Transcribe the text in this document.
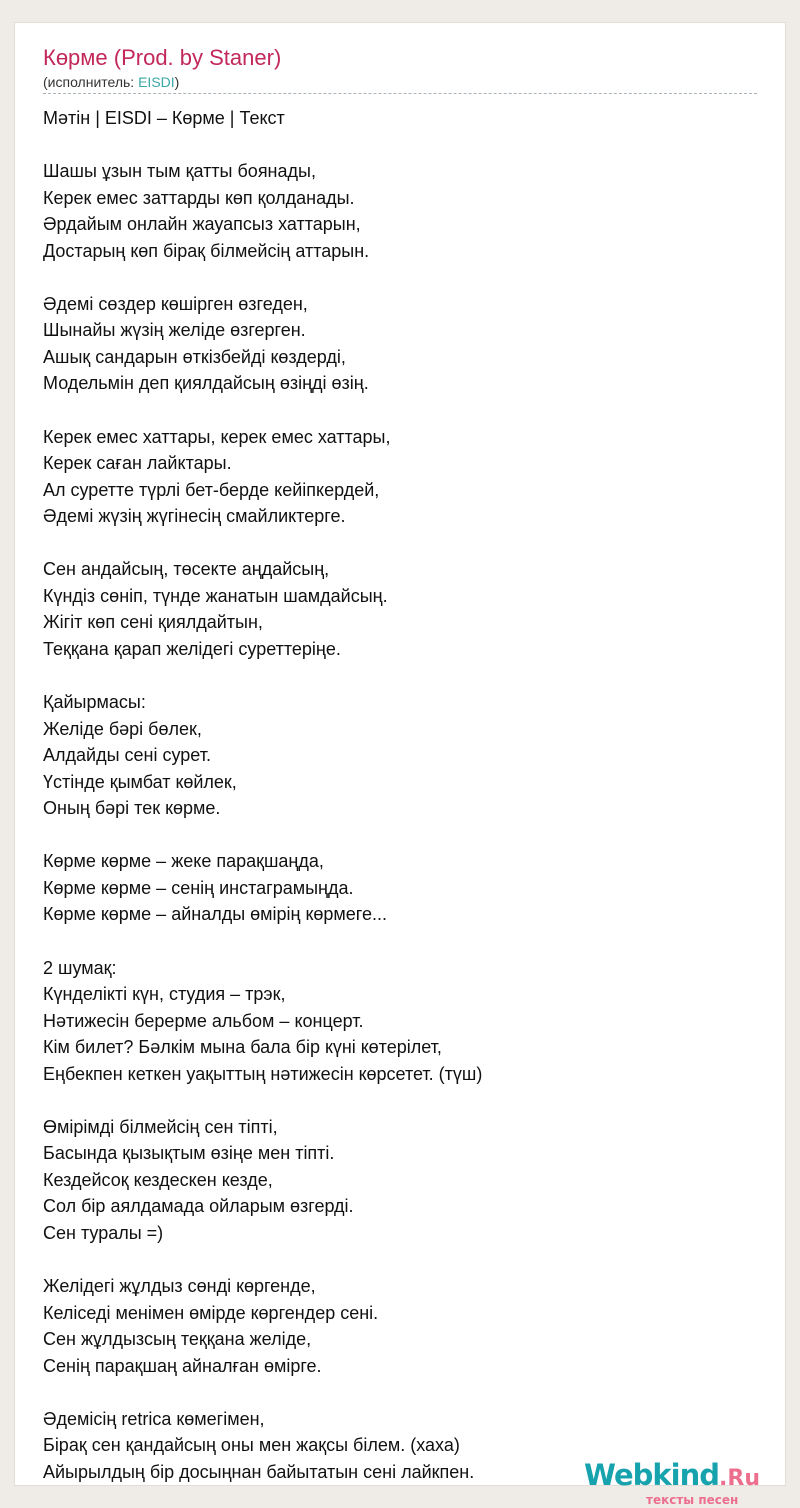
Көрме (Prod. by Staner)
(исполнитель: EISDI)
Мәтін | EISDI – Көрме | Текст
Шашы ұзын тым қатты боянады,
Керек емес заттарды көп қолданады.
Әрдайым онлайн жауапсыз хаттарын,
Достарың көп бірақ білмейсің аттарын.
Әдемі сөздер көшірген өзгеден,
Шынайы жүзің желіде өзгерген.
Ашық сандарын өткізбейді көздерді,
Модельмін деп қиялдайсың өзіңді өзің.
Керек емес хаттары, керек емес хаттары,
Керек саған лайктары.
Ал суретте түрлі бет-берде кейіпкердей,
Әдемі жүзің жүгінесің смайликтерге.
Сен андайсың, төсекте аңдайсың,
Күндіз сөніп, түнде жанатын шамдайсың.
Жігіт көп сені қиялдайтын,
Теққана қарап желідегі суреттеріңе.
Қайырмасы:
Желіде бәрі бөлек,
Алдайды сені сурет.
Үстінде қымбат көйлек,
Оның бәрі тек көрме.
Көрме көрме – жеке парақшаңда,
Көрме көрме – сенің инстаграмыңда.
Көрме көрме – айналды өмірің көрмеге...
2 шумақ:
Күнделікті күн, студия – трэк,
Нәтижесін берерме альбом – концерт.
Кім билет? Бәлкім мына бала бір күні көтерілет,
Еңбекпен кеткен уақыттың нәтижесін көрсетет. (түш)
Өмірімді білмейсің сен тіпті,
Басында қызықтым өзіңе мен тіпті.
Кездейсоқ кездескен кезде,
Сол бір аялдамада ойларым өзгерді.
Сен туралы =)
Желідегі жұлдыз сөнді көргенде,
Келіседі менімен өмірде көргендер сені.
Сен жұлдызсың теққана желіде,
Сенің парақшаң айналған өмірге.
Әдемісің retrica көмегімен,
Бірақ сен қандайсың оны мен жақсы білем. (хаха)
Айырылдың бір досыңнан байытатын сені лайкпен.	Webkind.Ru
тексты песен
